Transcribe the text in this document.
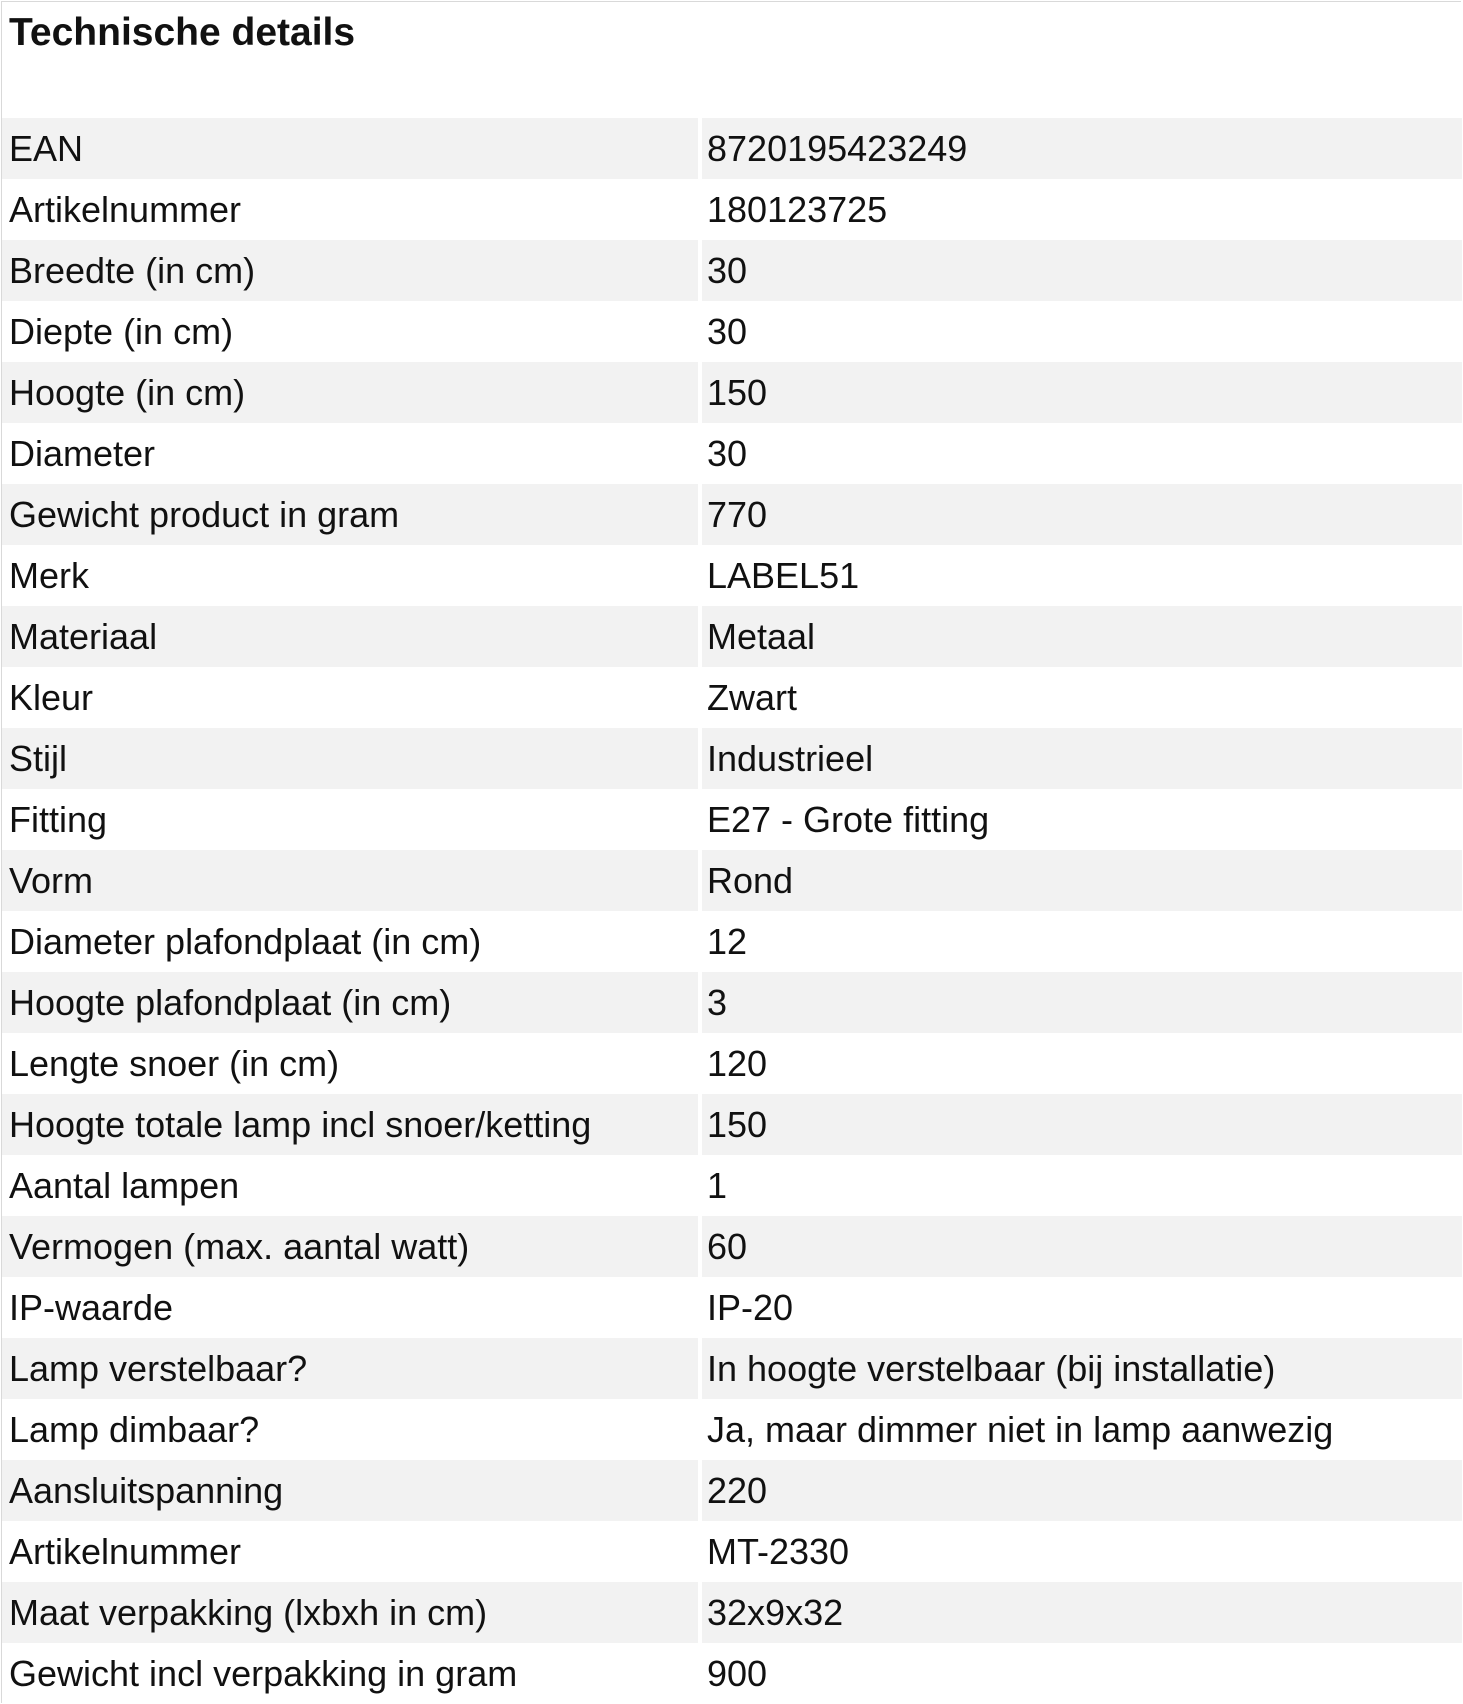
Technische details
EAN	8720195423249
Artikelnummer	180123725
Breedte (in cm)	30
Diepte (in cm)	30
Hoogte (in cm)	150
Diameter	30
Gewicht product in gram	770
Merk	LABEL51
Materiaal	Metaal
Kleur	Zwart
Stijl	Industrieel
Fitting	E27 - Grote fitting
Vorm	Rond
Diameter plafondplaat (in cm)	12
Hoogte plafondplaat (in cm)	3
Lengte snoer (in cm)	120
Hoogte totale lamp incl snoer/ketting	150
Aantal lampen	1
Vermogen (max. aantal watt)	60
IP-waarde	IP-20
Lamp verstelbaar?	In hoogte verstelbaar (bij installatie)
Lamp dimbaar?	Ja, maar dimmer niet in lamp aanwezig
Aansluitspanning	220
Artikelnummer	MT-2330
Maat verpakking (lxbxh in cm)	32x9x32
Gewicht incl verpakking in gram	900
